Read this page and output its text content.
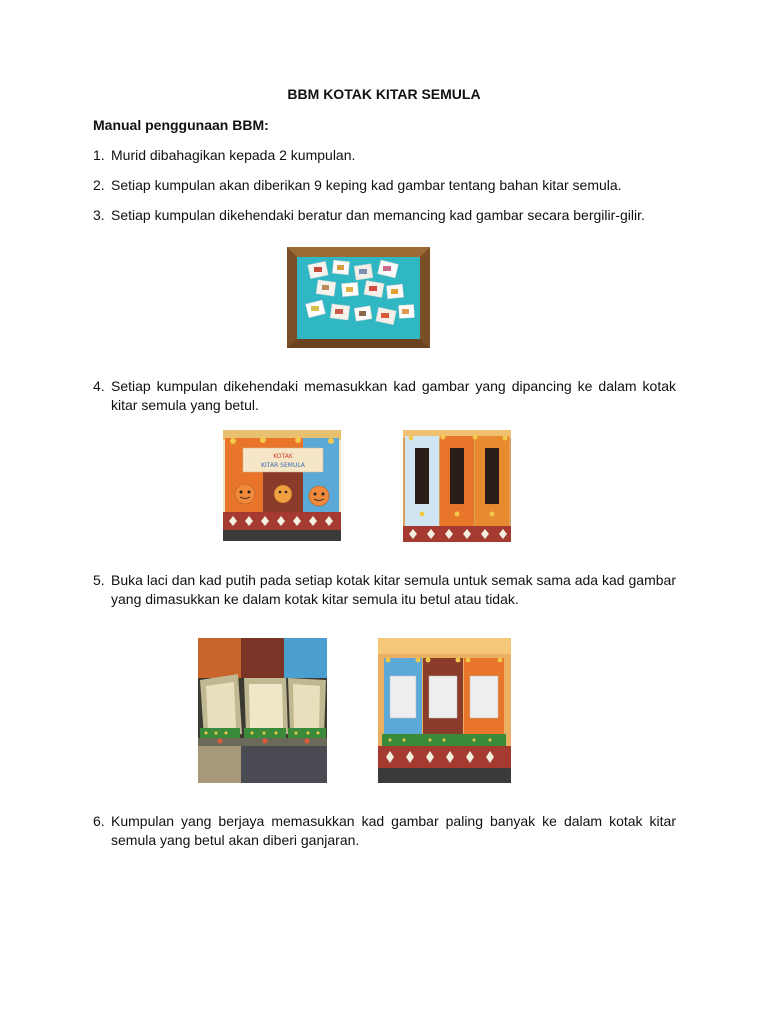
BBM KOTAK KITAR SEMULA
Manual penggunaan BBM:
1. Murid dibahagikan kepada 2 kumpulan.
2. Setiap kumpulan akan diberikan 9 keping kad gambar tentang bahan kitar semula.
3. Setiap kumpulan dikehendaki beratur dan memancing kad gambar secara bergilir-gilir.
4. Setiap kumpulan dikehendaki memasukkan kad gambar yang dipancing ke dalam kotak kitar semula yang betul.
KOTAK
KITAR SEMULA
5. Buka laci dan kad putih pada setiap kotak kitar semula untuk semak sama ada kad gambar yang dimasukkan ke dalam kotak kitar semula itu betul atau tidak.
6. Kumpulan yang berjaya memasukkan kad gambar paling banyak ke dalam kotak kitar semula yang betul akan diberi ganjaran.
